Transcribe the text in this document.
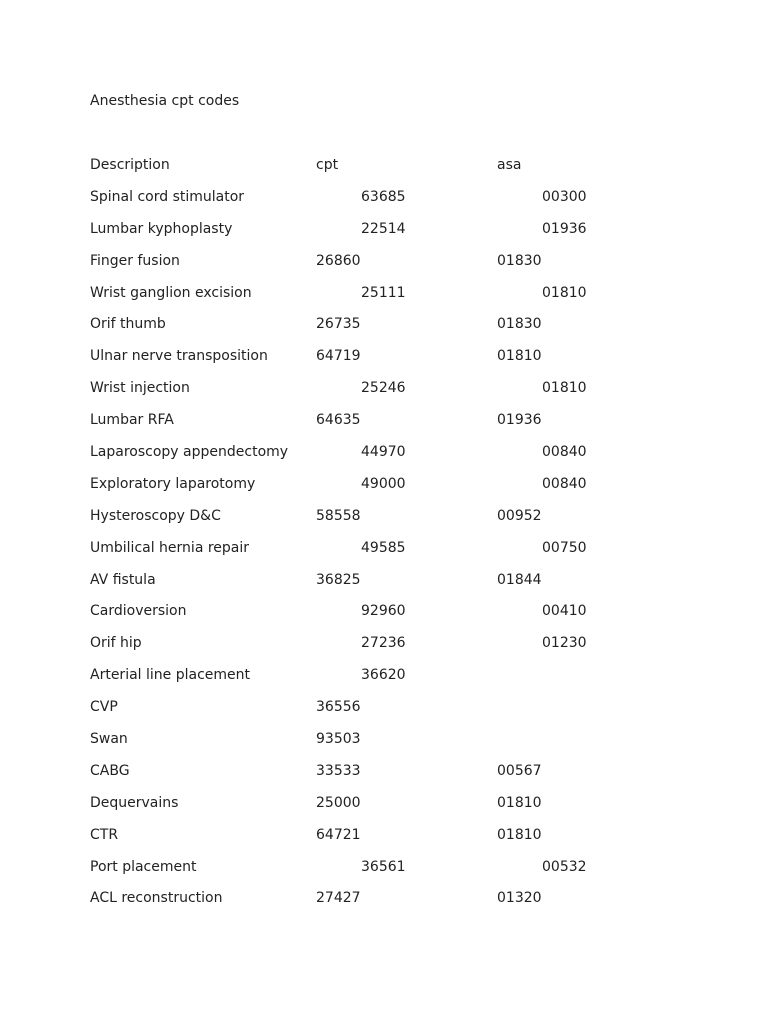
Anesthesia cpt codes
Description	cpt	asa
Spinal cord stimulator	63685	00300
Lumbar kyphoplasty	22514	01936
Finger fusion	26860	01830
Wrist ganglion excision	25111	01810
Orif thumb	26735	01830
Ulnar nerve transposition	64719	01810
Wrist injection	25246	01810
Lumbar RFA	64635	01936
Laparoscopy appendectomy	44970	00840
Exploratory laparotomy	49000	00840
Hysteroscopy D&C	58558	00952
Umbilical hernia repair	49585	00750
AV fistula	36825	01844
Cardioversion	92960	00410
Orif hip	27236	01230
Arterial line placement	36620
CVP	36556
Swan	93503
CABG	33533	00567
Dequervains	25000	01810
CTR	64721	01810
Port placement	36561	00532
ACL reconstruction	27427	01320
